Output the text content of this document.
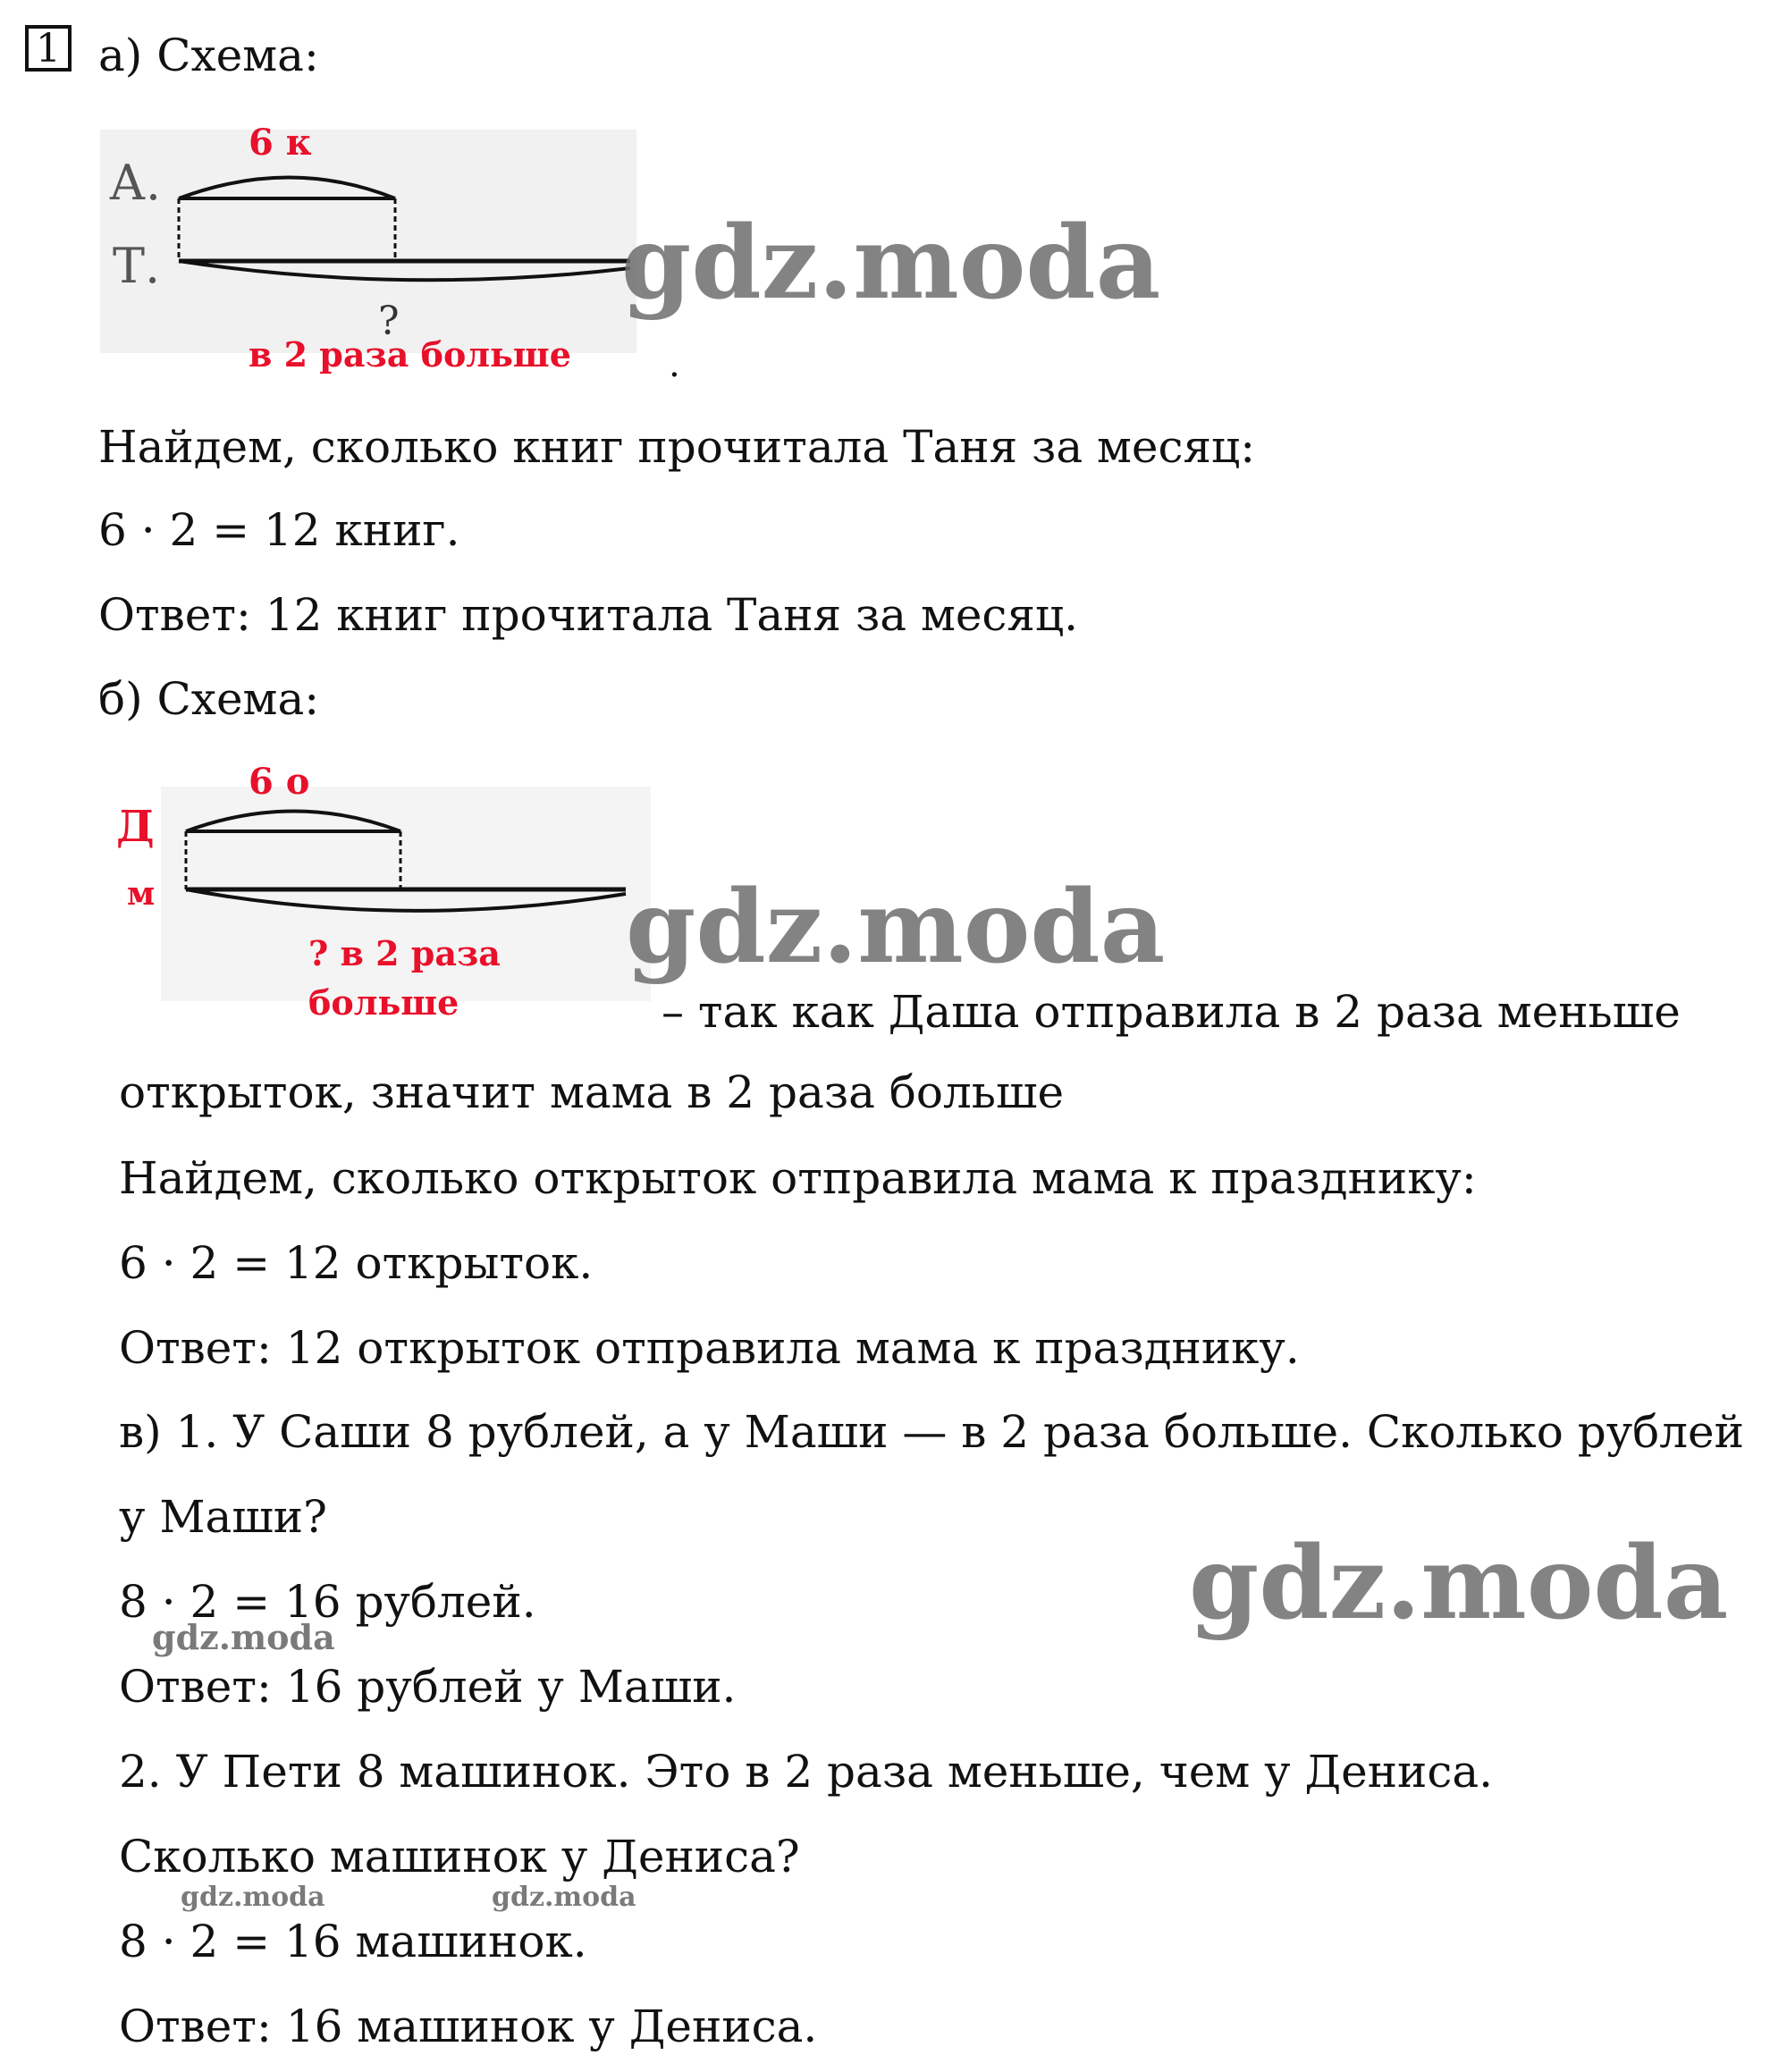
1 а) Схема:
А.
Т.
6 к
?
в 2 раза больше	.
Найдем, сколько книг прочитала Таня за месяц:
6 · 2 = 12 книг.
Ответ: 12 книг прочитала Таня за месяц.
б) Схема:
Д
м
6 о
? в 2 раза
больше	– так как Даша отправила в 2 раза меньше
открыток, значит мама в 2 раза больше
Найдем, сколько открыток отправила мама к празднику:
6 · 2 = 12 открыток.
Ответ: 12 открыток отправила мама к празднику.
в) 1. У Саши 8 рублей, а у Маши — в 2 раза больше. Сколько рублей
у Маши?
8 · 2 = 16 рублей.
Ответ: 16 рублей у Маши.
2. У Пети 8 машинок. Это в 2 раза меньше, чем у Дениса.
Сколько машинок у Дениса?
8 · 2 = 16 машинок.
Ответ: 16 машинок у Дениса.
gdz.moda
gdz.moda
gdz.moda
gdz.moda
gdz.moda	gdz.moda
